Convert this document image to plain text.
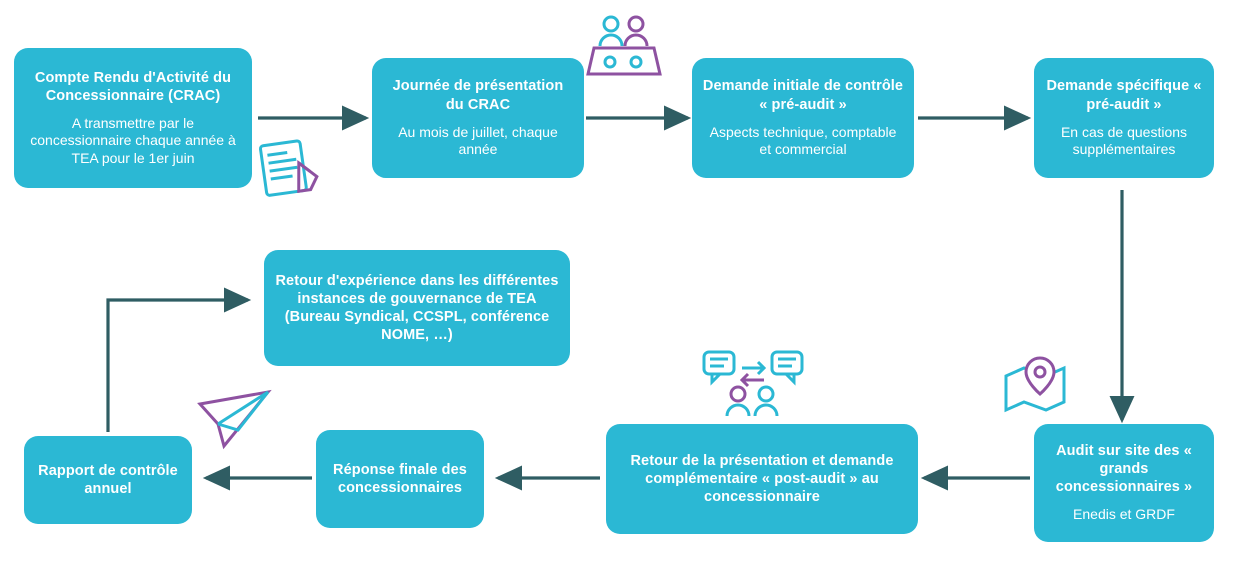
Compte Rendu d'Activité du Concessionnaire (CRAC)
A transmettre par le concessionnaire chaque année à TEA pour le 1er juin
Journée de présentation du CRAC
Au mois de juillet, chaque année
Demande initiale de contrôle « pré-audit »
Aspects technique, comptable et commercial
Demande spécifique « pré-audit »
En cas de questions supplémentaires
Audit sur site des « grands concessionnaires »
Enedis et GRDF
Retour de la présentation et demande complémentaire « post-audit » au concessionnaire
Réponse finale des concessionnaires
Rapport de contrôle annuel
Retour d'expérience dans les différentes instances de gouvernance de TEA (Bureau Syndical, CCSPL, conférence NOME, …)
